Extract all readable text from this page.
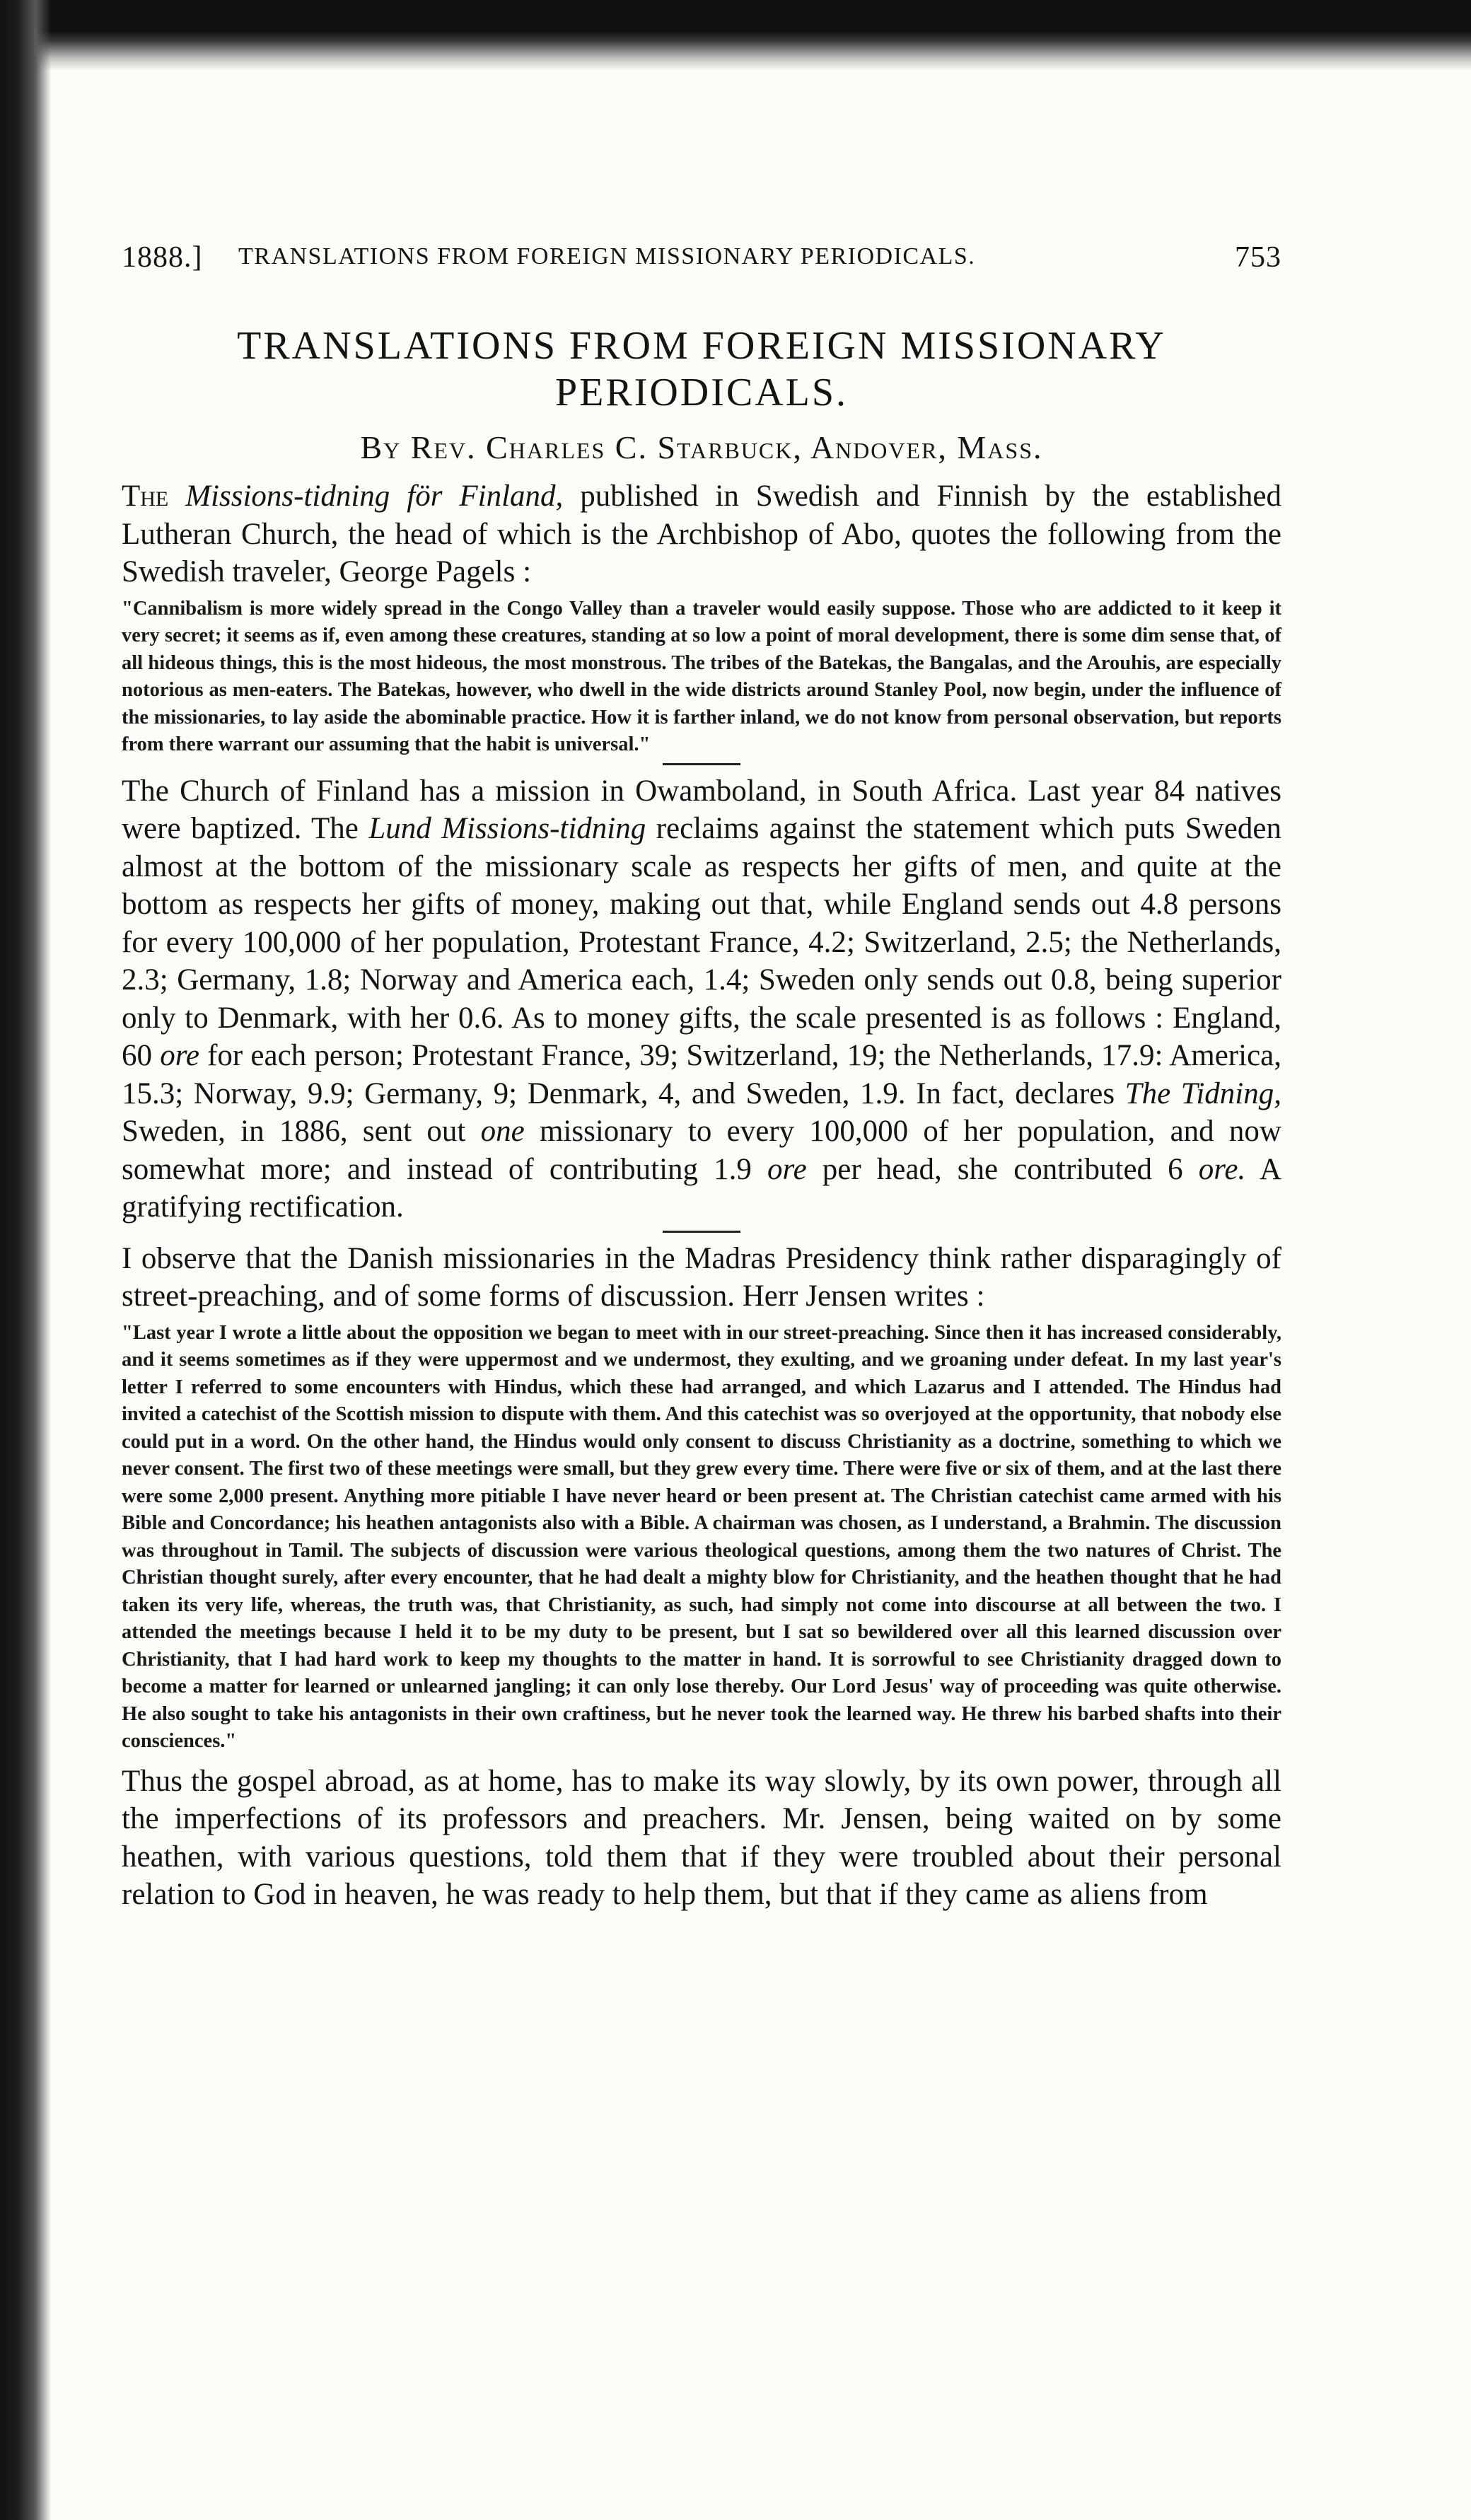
1888.] TRANSLATIONS FROM FOREIGN MISSIONARY PERIODICALS.	753
TRANSLATIONS FROM FOREIGN MISSIONARY
PERIODICALS.
By Rev. Charles C. Starbuck, Andover, Mass.

The Missions-tidning för Finland, published in Swedish and Finnish by the established Lutheran Church, the head of which is the Archbishop of Abo, quotes the following from the Swedish traveler, George Pagels :

"Cannibalism is more widely spread in the Congo Valley than a traveler would easily suppose. Those who are addicted to it keep it very secret; it seems as if, even among these creatures, standing at so low a point of moral development, there is some dim sense that, of all hideous things, this is the most hideous, the most monstrous. The tribes of the Batekas, the Bangalas, and the Arouhis, are especially notorious as men-eaters. The Batekas, however, who dwell in the wide districts around Stanley Pool, now begin, under the influence of the missionaries, to lay aside the abominable practice. How it is farther inland, we do not know from personal observation, but reports from there warrant our assuming that the habit is universal."

The Church of Finland has a mission in Owamboland, in South Africa. Last year 84 natives were baptized. The Lund Missions-tidning reclaims against the statement which puts Sweden almost at the bottom of the missionary scale as respects her gifts of men, and quite at the bottom as respects her gifts of money, making out that, while England sends out 4.8 persons for every 100,000 of her population, Protestant France, 4.2; Switzerland, 2.5; the Netherlands, 2.3; Germany, 1.8; Norway and America each, 1.4; Sweden only sends out 0.8, being superior only to Denmark, with her 0.6. As to money gifts, the scale presented is as follows : England, 60 ore for each person; Protestant France, 39; Switzerland, 19; the Netherlands, 17.9: America, 15.3; Norway, 9.9; Germany, 9; Denmark, 4, and Sweden, 1.9. In fact, declares The Tidning, Sweden, in 1886, sent out one missionary to every 100,000 of her population, and now somewhat more; and instead of contributing 1.9 ore per head, she contributed 6 ore. A gratifying rectification.

I observe that the Danish missionaries in the Madras Presidency think rather disparagingly of street-preaching, and of some forms of discussion. Herr Jensen writes :

"Last year I wrote a little about the opposition we began to meet with in our street-preaching. Since then it has increased considerably, and it seems sometimes as if they were uppermost and we undermost, they exulting, and we groaning under defeat. In my last year's letter I referred to some encounters with Hindus, which these had arranged, and which Lazarus and I attended. The Hindus had invited a catechist of the Scottish mission to dispute with them. And this catechist was so overjoyed at the opportunity, that nobody else could put in a word. On the other hand, the Hindus would only consent to discuss Christianity as a doctrine, something to which we never consent. The first two of these meetings were small, but they grew every time. There were five or six of them, and at the last there were some 2,000 present. Anything more pitiable I have never heard or been present at. The Christian catechist came armed with his Bible and Concordance; his heathen antagonists also with a Bible. A chairman was chosen, as I understand, a Brahmin. The discussion was throughout in Tamil. The subjects of discussion were various theological questions, among them the two natures of Christ. The Christian thought surely, after every encounter, that he had dealt a mighty blow for Christianity, and the heathen thought that he had taken its very life, whereas, the truth was, that Christianity, as such, had simply not come into discourse at all between the two. I attended the meetings because I held it to be my duty to be present, but I sat so bewildered over all this learned discussion over Christianity, that I had hard work to keep my thoughts to the matter in hand. It is sorrowful to see Christianity dragged down to become a matter for learned or unlearned jangling; it can only lose thereby. Our Lord Jesus' way of proceeding was quite otherwise. He also sought to take his antagonists in their own craftiness, but he never took the learned way. He threw his barbed shafts into their consciences."

Thus the gospel abroad, as at home, has to make its way slowly, by its own power, through all the imperfections of its professors and preachers. Mr. Jensen, being waited on by some heathen, with various questions, told them that if they were troubled about their personal relation to God in heaven, he was ready to help them, but that if they came as aliens from
